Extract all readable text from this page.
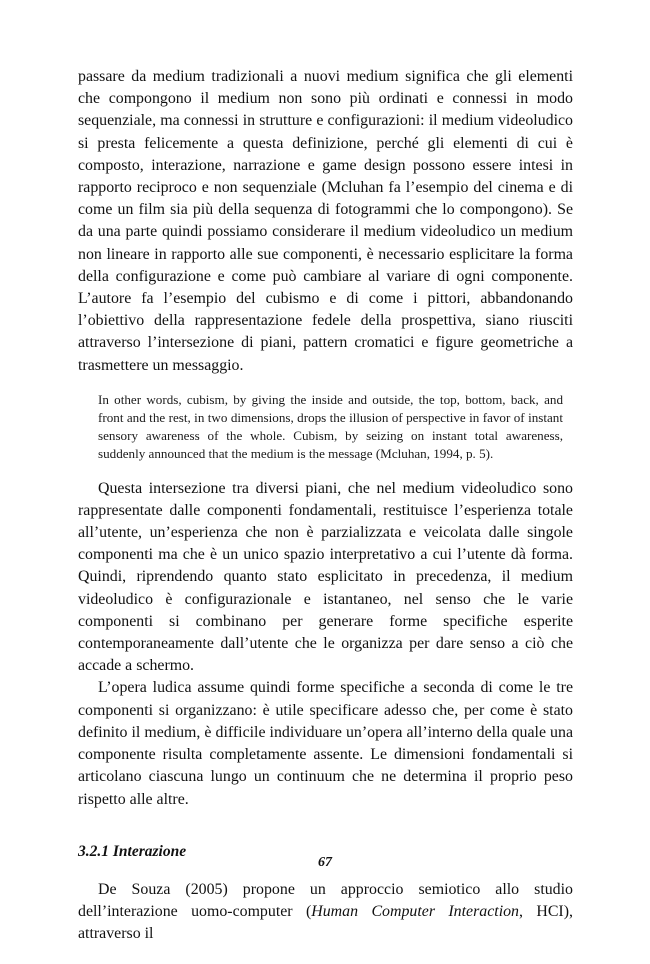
passare da medium tradizionali a nuovi medium significa che gli elementi che compongono il medium non sono più ordinati e connessi in modo sequenziale, ma connessi in strutture e configurazioni: il medium videoludico si presta felicemente a questa definizione, perché gli elementi di cui è composto, interazione, narrazione e game design possono essere intesi in rapporto reciproco e non sequenziale (Mcluhan fa l’esempio del cinema e di come un film sia più della sequenza di fotogrammi che lo compongono). Se da una parte quindi possiamo considerare il medium videoludico un medium non lineare in rapporto alle sue componenti, è necessario esplicitare la forma della configurazione e come può cambiare al variare di ogni componente. L’autore fa l’esempio del cubismo e di come i pittori, abbandonando l’obiettivo della rappresentazione fedele della prospettiva, siano riusciti attraverso l’intersezione di piani, pattern cromatici e figure geometriche a trasmettere un messaggio.

In other words, cubism, by giving the inside and outside, the top, bottom, back, and front and the rest, in two dimensions, drops the illusion of perspective in favor of instant sensory awareness of the whole. Cubism, by seizing on instant total awareness, suddenly announced that the medium is the message (Mcluhan, 1994, p. 5).

Questa intersezione tra diversi piani, che nel medium videoludico sono rappresentate dalle componenti fondamentali, restituisce l’esperienza totale all’utente, un’esperienza che non è parzializzata e veicolata dalle singole componenti ma che è un unico spazio interpretativo a cui l’utente dà forma. Quindi, riprendendo quanto stato esplicitato in precedenza, il medium videoludico è configurazionale e istantaneo, nel senso che le varie componenti si combinano per generare forme specifiche esperite contemporaneamente dall’utente che le organizza per dare senso a ciò che accade a schermo.

L’opera ludica assume quindi forme specifiche a seconda di come le tre componenti si organizzano: è utile specificare adesso che, per come è stato definito il medium, è difficile individuare un’opera all’interno della quale una componente risulta completamente assente. Le dimensioni fondamentali si articolano ciascuna lungo un continuum che ne determina il proprio peso rispetto alle altre.

3.2.1 Interazione

De Souza (2005) propone un approccio semiotico allo studio dell’interazione uomo-computer (Human Computer Interaction, HCI), attraverso il

67
